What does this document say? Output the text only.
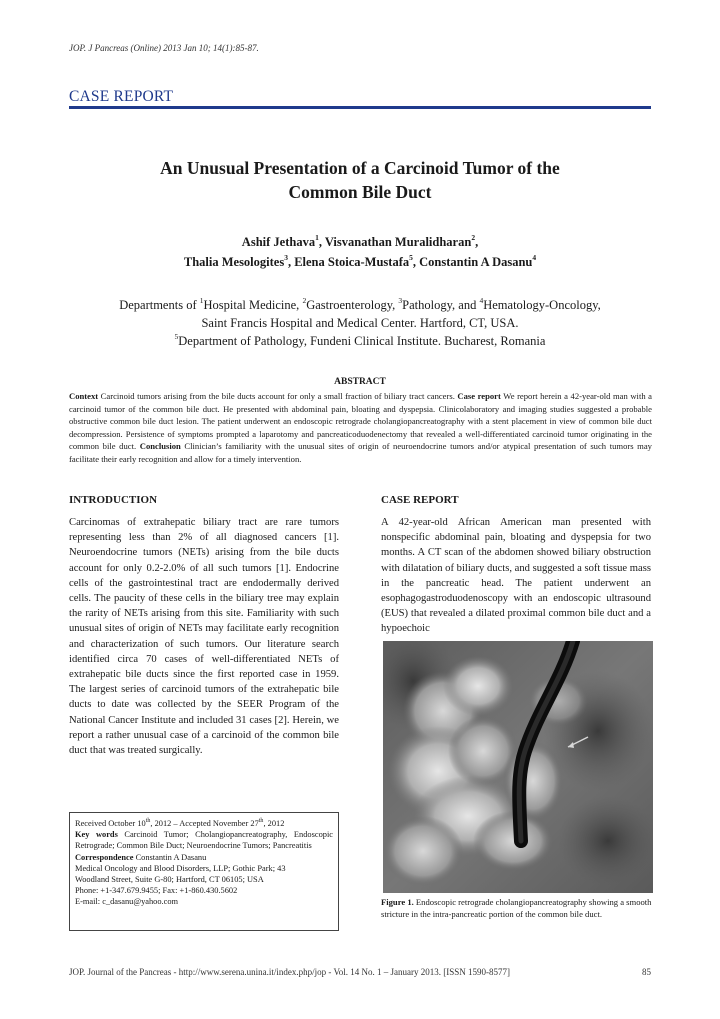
JOP. J Pancreas (Online) 2013 Jan 10; 14(1):85-87.
CASE REPORT
An Unusual Presentation of a Carcinoid Tumor of the
Common Bile Duct
Ashif Jethava$^1$, Visvanathan Muralidharan$^2$,
Thalia Mesologites$^3$, Elena Stoica-Mustafa$^5$, Constantin A Dasanu$^4$
Departments of $^1$Hospital Medicine, $^2$Gastroenterology, $^3$Pathology, and $^4$Hematology-Oncology,
Saint Francis Hospital and Medical Center. Hartford, CT, USA.
$^5$Department of Pathology, Fundeni Clinical Institute. Bucharest, Romania
ABSTRACT

Context Carcinoid tumors arising from the bile ducts account for only a small fraction of biliary tract cancers. Case report We report herein a 42-year-old man with a carcinoid tumor of the common bile duct. He presented with abdominal pain, bloating and dyspepsia. Clinicolaboratory and imaging studies suggested a probable obstructive common bile duct lesion. The patient underwent an endoscopic retrograde cholangiopancreatography with a stent placement in view of common bile duct decompression. Persistence of symptoms prompted a laparotomy and pancreaticoduodenectomy that revealed a well-differentiated carcinoid tumor originating in the common bile duct. Conclusion Clinician’s familiarity with the unusual sites of origin of neuroendocrine tumors and/or atypical presentation of such tumors may facilitate their early recognition and allow for a timely intervention.

INTRODUCTION	CASE REPORT

Carcinomas of extrahepatic biliary tract are rare tumors representing less than 2% of all diagnosed cancers [1]. Neuroendocrine tumors (NETs) arising from the bile ducts account for only 0.2-2.0% of all such tumors [1]. Endocrine cells of the gastrointestinal tract are endodermally derived cells. The paucity of these cells in the biliary tree may explain the rarity of NETs arising from this site. Familiarity with such unusual sites of origin of NETs may facilitate early recognition and characterization of such tumors. Our literature search identified circa 70 cases of well-differentiated NETs of extrahepatic bile ducts since the first reported case in 1959. The largest series of carcinoid tumors of the extrahepatic bile ducts to date was collected by the SEER Program of the National Cancer Institute and included 31 cases [2]. Herein, we report a rather unusual case of a carcinoid of the common bile duct that was treated surgically.

A 42-year-old African American man presented with nonspecific abdominal pain, bloating and dyspepsia for two months. A CT scan of the abdomen showed biliary obstruction with dilatation of biliary ducts, and suggested a soft tissue mass in the pancreatic head. The patient underwent an esophagogastroduodenoscopy with an endoscopic ultrasound (EUS) that revealed a dilated proximal common bile duct and a hypoechoic

Received October 10th, 2012 – Accepted November 27th, 2012
Key words Carcinoid Tumor; Cholangiopancreatography, Endoscopic Retrograde; Common Bile Duct; Neuroendocrine Tumors; Pancreatitis
Correspondence Constantin A Dasanu
Medical Oncology and Blood Disorders, LLP; Gothic Park; 43
Woodland Street, Suite G-80; Hartford, CT 06105; USA
Phone: +1-347.679.9455; Fax: +1-860.430.5602
E-mail: c_dasanu@yahoo.com	Figure 1. Endoscopic retrograde cholangiopancreatography showing a smooth stricture in the intra-pancreatic portion of the common bile duct.

JOP. Journal of the Pancreas - http://www.serena.unina.it/index.php/jop - Vol. 14 No. 1 – January 2013. [ISSN 1590-8577]	85
